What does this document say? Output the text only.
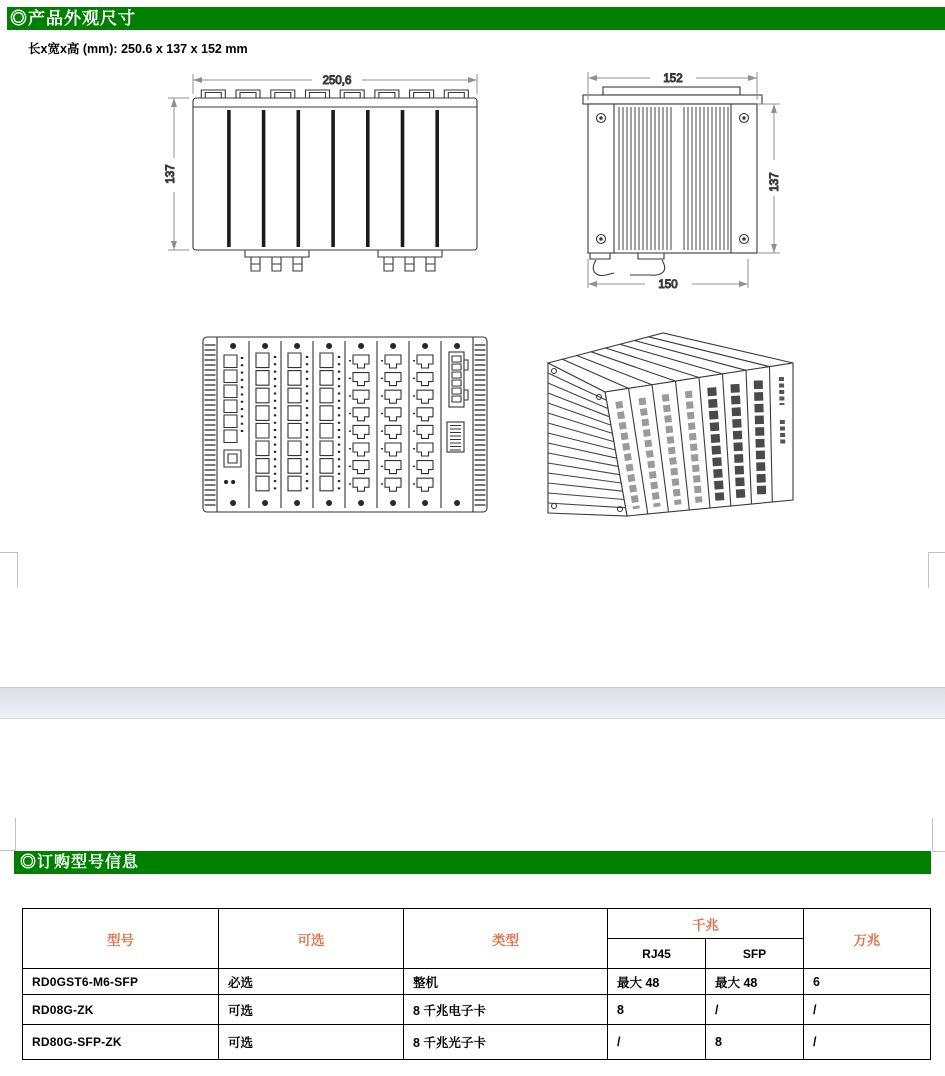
◎产品外观尺寸
长x宽x高 (mm): 250.6 x 137 x 152 mm
250,6
137
152
137
150
◎订购型号信息
型号	可选	类型	千兆		万兆
			RJ45	SFP	
RD0GST6-M6-SFP	必选	整机	最大 48	最大 48	6
RD08G-ZK	可选	8 千兆电子卡	8	/	/
RD80G-SFP-ZK	可选	8 千兆光子卡	/	8	/
